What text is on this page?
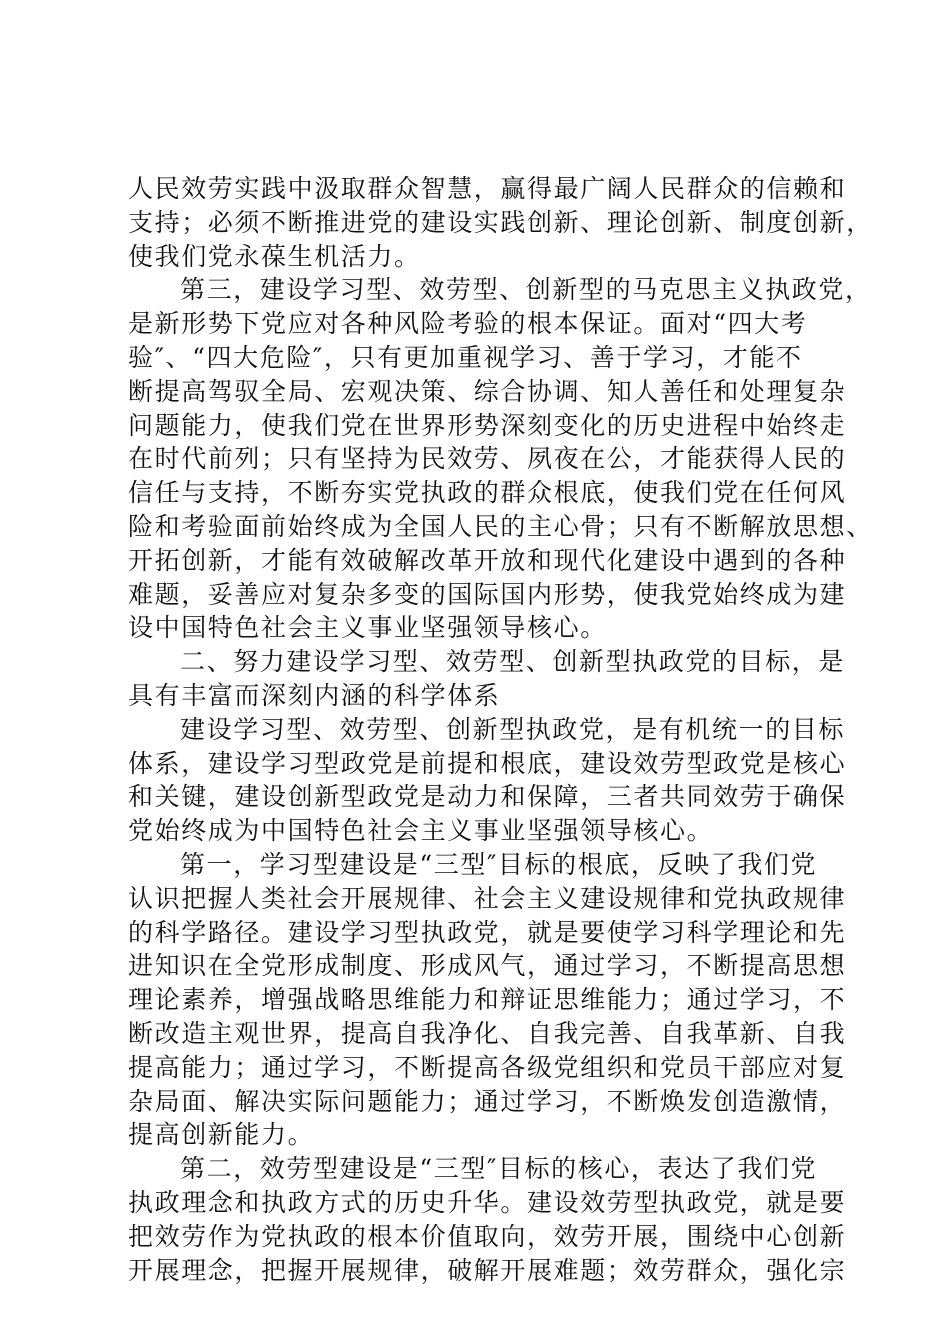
人民效劳实践中汲取群众智慧，赢得最广阔人民群众的信赖和
支持；必须不断推进党的建设实践创新、理论创新、制度创新，
使我们党永葆生机活力。
第三，建设学习型、效劳型、创新型的马克思主义执政党，
是新形势下党应对各种风险考验的根本保证。面对“四大考
验″、“四大危险″，只有更加重视学习、善于学习，才能不
断提高驾驭全局、宏观决策、综合协调、知人善任和处理复杂
问题能力，使我们党在世界形势深刻变化的历史进程中始终走
在时代前列；只有坚持为民效劳、夙夜在公，才能获得人民的
信任与支持，不断夯实党执政的群众根底，使我们党在任何风
险和考验面前始终成为全国人民的主心骨；只有不断解放思想、
开拓创新，才能有效破解改革开放和现代化建设中遇到的各种
难题，妥善应对复杂多变的国际国内形势，使我党始终成为建
设中国特色社会主义事业坚强领导核心。
二、努力建设学习型、效劳型、创新型执政党的目标，是
具有丰富而深刻内涵的科学体系
建设学习型、效劳型、创新型执政党，是有机统一的目标
体系，建设学习型政党是前提和根底，建设效劳型政党是核心
和关键，建设创新型政党是动力和保障，三者共同效劳于确保
党始终成为中国特色社会主义事业坚强领导核心。
第一，学习型建设是“三型″目标的根底，反映了我们党
认识把握人类社会开展规律、社会主义建设规律和党执政规律
的科学路径。建设学习型执政党，就是要使学习科学理论和先
进知识在全党形成制度、形成风气，通过学习，不断提高思想
理论素养，增强战略思维能力和辩证思维能力；通过学习，不
断改造主观世界，提高自我净化、自我完善、自我革新、自我
提高能力；通过学习，不断提高各级党组织和党员干部应对复
杂局面、解决实际问题能力；通过学习，不断焕发创造激情，
提高创新能力。
第二，效劳型建设是“三型″目标的核心，表达了我们党
执政理念和执政方式的历史升华。建设效劳型执政党，就是要
把效劳作为党执政的根本价值取向，效劳开展，围绕中心创新
开展理念，把握开展规律，破解开展难题；效劳群众，强化宗
